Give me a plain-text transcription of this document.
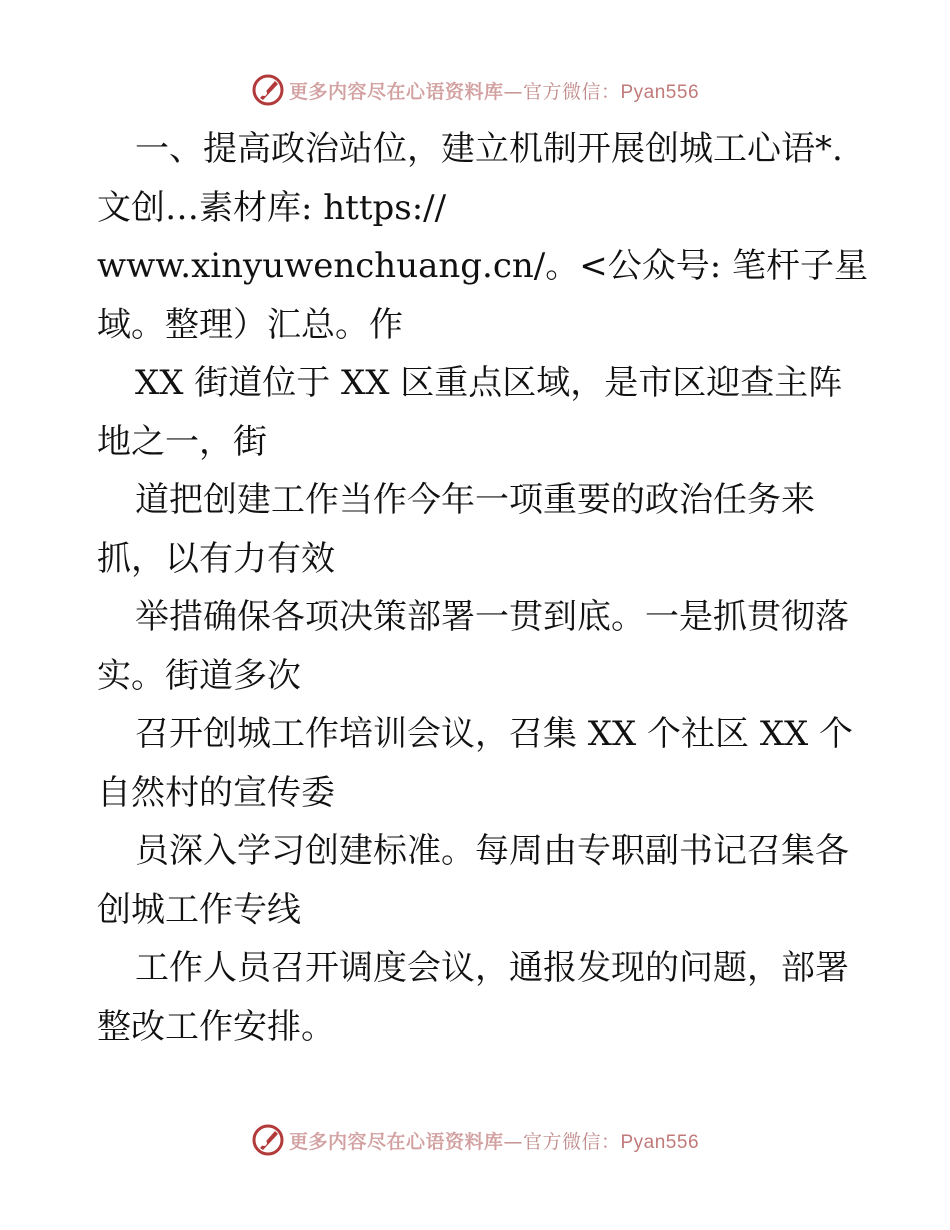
更多内容尽在心语资料库—官方微信：Pyan556
一、提高政治站位，建立机制开展创城工心语*.
文创…素材库: https://
www.xinyuwenchuang.cn/。<公众号: 笔杆子星
域。整理）汇总。作
XX 街道位于 XX 区重点区域，是市区迎查主阵
地之一，街
道把创建工作当作今年一项重要的政治任务来
抓，以有力有效
举措确保各项决策部署一贯到底。一是抓贯彻落
实。街道多次
召开创城工作培训会议，召集 XX 个社区 XX 个
自然村的宣传委
员深入学习创建标准。每周由专职副书记召集各
创城工作专线
工作人员召开调度会议，通报发现的问题，部署
整改工作安排。
更多内容尽在心语资料库—官方微信：Pyan556
